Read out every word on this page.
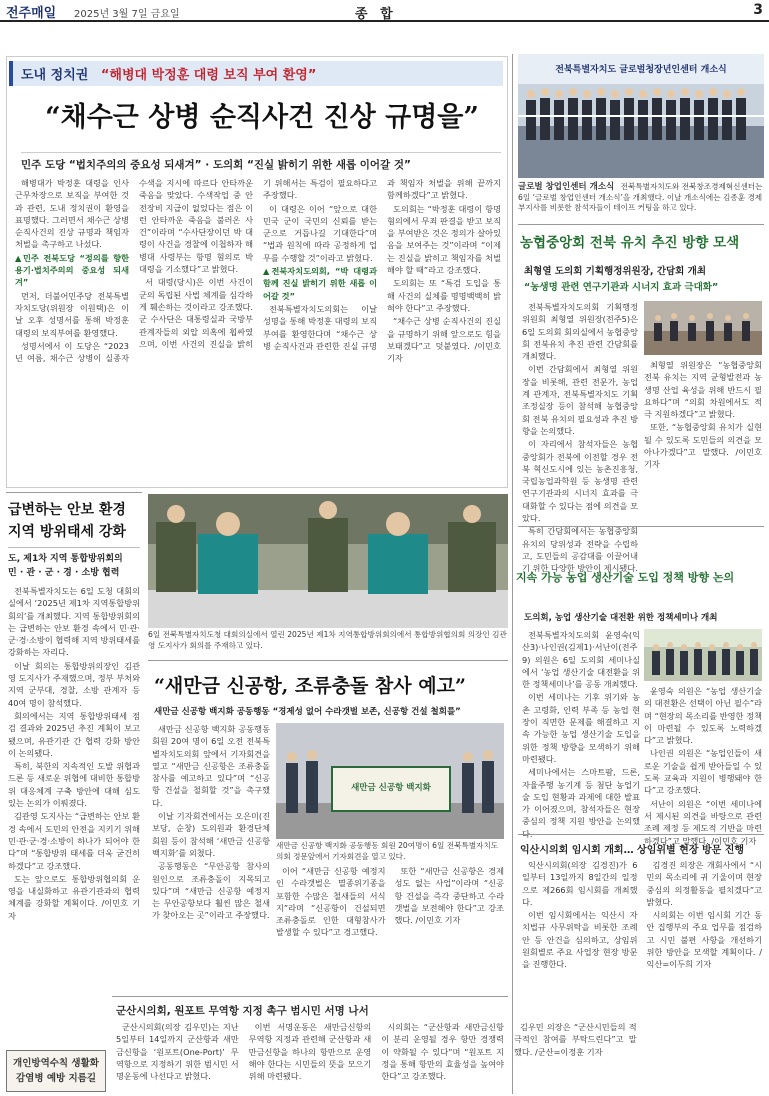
전주매일 2025년 3월 7일 금요일	종 합	3
도내 정치권 “해병대 박정훈 대령 보직 부여 환영”
“채수근 상병 순직사건 진상 규명을”
민주 도당 “법치주의의 중요성 되새겨” · 도의회 “진실 밝히기 위한 새롭 이어갈 것”

해병대가 박정훈 대령을 인사근무차장으로 보직을 부여한 것과 관련, 도내 정치권이 환영을 표명했다. 그러면서 채수근 상병 순직사건의 진상 규명과 책임자 처벌을 촉구하고 나섰다.

▲민주 전북도당 “정의를 향한 용기·법치주의의 중요성 되새겨”

먼저, 더불어민주당 전북특별자치도당(위원장 이원택)은 이날 오후 성명서를 통해 박정훈 대령의 보직부여를 환영했다.

성명서에서 이 도당은 “2023년 여름, 채수근 상병이 실종자 수색을 지시에 따르다 안타까운 죽음을 맞았다. 수색작업 중 안전장비 지급이 없었다는 점은 이런 안타까운 죽음을 불러온 사건”이라며 “수사단장이던 박 대령이 사건을 경찰에 이첩하자 해병대 사령부는 항명 혐의로 박 대령을 기소했다”고 밝혔다.

서 대령(당시)은 이번 사건이 군의 독립된 사법 체계를 심각하게 훼손하는 것이라고 강조했다. 군 수사단은 대통령실과 국방부 관계자들의 외압 의혹에 휩싸였으며, 이번 사건의 진실을 밝히기 위해서는 특검이 필요하다고 주장했다.

이 대령은 이어 “앞으로 대한민국 군이 국민의 신뢰를 받는 군으로 거듭나길 기대한다”며 “법과 원칙에 따라 공정하게 업무를 수행할 것”이라고 밝혔다.

▲전북자치도의회, “박 대령과 함께 진실 밝히기 위한 새롭 이어갈 것”

전북특별자치도의회는 이날 성명을 통해 박정훈 대령의 보직 부여를 환영한다며 “채수근 상병 순직사건과 관련한 진실 규명과 책임자 처벌을 위해 끝까지 함께하겠다”고 밝혔다.

도의회는 “박정훈 대령이 항명 혐의에서 무죄 판결을 받고 보직을 부여받은 것은 정의가 살아있음을 보여주는 것”이라며 “이제는 진실을 밝히고 책임자를 처벌해야 할 때”라고 강조했다.

도의회는 또 “특검 도입을 통해 사건의 실체를 명명백백히 밝혀야 한다”고 주장했다.

“채수근 상병 순직사건의 진실을 규명하기 위해 앞으로도 힘을 보태겠다”고 덧붙였다. /이민호 기자

전북특별자치도 글로벌청장년인센터 개소식
글로벌 창업인센터 개소식 전북특별자치도와 전북창조경제혁신센터는 6일 ‘글로벌 창업인센터 개소식’을 개최했다. 이날 개소식에는 김종훈 경제부지사를 비롯한 참석자들이 테이프 커팅을 하고 있다.
농협중앙회 전북 유치 추진 방향 모색
최형열 도의회 기획행정위원장, 간담회 개최
“농생명 관련 연구기관과 시너지 효과 극대화”

전북특별자치도의회 기획행정위원회 최형열 위원장(전주5)은 6일 도의회 회의실에서 농협중앙회 전북유치 추진 관련 간담회를 개최했다.

이번 간담회에서 최형열 위원장을 비롯해, 관련 전문가, 농업계 관계자, 전북특별자치도 기획조정실장 등이 참석해 농협중앙회 전북 유치의 필요성과 추진 방향을 논의했다.

이 자리에서 참석자들은 농협중앙회가 전북에 이전할 경우 전북 혁신도시에 있는 농촌진흥청, 국립농업과학원 등 농생명 관련 연구기관과의 시너지 효과를 극대화할 수 있다는 점에 의견을 모았다.

특히 간담회에서는 농협중앙회 유치의 당위성과 전략을 수립하고, 도민들의 공감대를 이끌어내기 위한 다양한 방안이 제시됐다.

최형열 위원장은 “농협중앙회 전북 유치는 지역 균형발전과 농생명 산업 육성을 위해 반드시 필요하다”며 “의회 차원에서도 적극 지원하겠다”고 밝혔다.

또한, “농협중앙회 유치가 실현될 수 있도록 도민들의 의견을 모아나가겠다”고 말했다. /이민호 기자

급변하는 안보 환경
지역 방위태세 강화
도, 제1차 지역 통합방위회의
민 · 관 · 군 · 경 · 소방 협력

전북특별자치도는 6일 도청 대회의실에서 ‘2025년 제1차 지역통합방위회의’를 개최했다. 지역 통합방위회의는 급변하는 안보 환경 속에서 민·관·군·경·소방이 협력해 지역 방위태세를 강화하는 자리다.

이날 회의는 통합방위의장인 김관영 도지사가 주재했으며, 정부 부처와 지역 군부대, 경찰, 소방 관계자 등 40여 명이 참석했다.

회의에서는 지역 통합방위태세 점검 결과와 2025년 추진 계획이 보고됐으며, 유관기관 간 협력 강화 방안이 논의됐다.

특히, 북한의 지속적인 도발 위협과 드론 등 새로운 위협에 대비한 통합방위 대응체계 구축 방안에 대해 심도 있는 논의가 이뤄졌다.

김관영 도지사는 “급변하는 안보 환경 속에서 도민의 안전을 지키기 위해 민·관·군·경·소방이 하나가 되어야 한다”며 “통합방위 태세를 더욱 굳건히 하겠다”고 강조했다.

도는 앞으로도 통합방위협의회 운영을 내실화하고 유관기관과의 협력체계를 강화할 계획이다. /이민호 기자

6일 전북특별자치도청 대회의실에서 열린 2025년 제1차 지역통합방위회의에서 통합방위협의회 의장인 김관영 도지사가 회의를 주재하고 있다.
개인방역수칙 생활화
감염병 예방 지름길
“새만금 신공항, 조류충돌 참사 예고”
새만금 신공항 백지화 공동행동 “경제성 없어 수라갯벌 보존, 신공항 건설 철회를”

새만금 신공항 백지화 공동행동 회원 20여 명이 6일 오전 전북특별자치도의회 앞에서 기자회견을 열고 “새만금 신공항은 조류충돌 참사를 예고하고 있다”며 “신공항 건설을 철회할 것”을 촉구했다.

이날 기자회견에서는 오은미(진보당, 순창) 도의원과 환경단체 회원 등이 참석해 ‘새만금 신공항 백지화’를 외쳤다.

공동행동은 “무안공항 참사의 원인으로 조류충돌이 지목되고 있다”며 “새만금 신공항 예정지는 무안공항보다 훨씬 많은 철새가 찾아오는 곳”이라고 주장했다.

새만금 신공항 백지화
새만금 신공항 백지화 공동행동 회원 20여명이 6일 전북특별자치도의회 정문앞에서 기자회견을 열고 있다.

이어 “새만금 신공항 예정지인 수라갯벌은 멸종위기종을 포함한 수많은 철새들의 서식지”라며 “신공항이 건설되면 조류충돌로 인한 대형참사가 발생할 수 있다”고 경고했다.

또한 “새만금 신공항은 경제성도 없는 사업”이라며 “신공항 건설을 즉각 중단하고 수라갯벌을 보전해야 한다”고 강조했다. /이민호 기자

지속 가능 농업 생산기술 도입 정책 방향 논의
도의회, 농업 생산기술 대전환 위한 정책세미나 개최

전북특별자치도의회 윤영숙(익산3)·나인권(김제1)·서난이(전주9) 의원은 6일 도의회 세미나실에서 ‘농업 생산기술 대전환을 위한 정책세미나’를 공동 개최했다.

이번 세미나는 기후 위기와 농촌 고령화, 인력 부족 등 농업 현장이 직면한 문제를 해결하고 지속 가능한 농업 생산기술 도입을 위한 정책 방향을 모색하기 위해 마련됐다.

세미나에서는 스마트팜, 드론, 자율주행 농기계 등 첨단 농업기술 도입 현황과 과제에 대한 발표가 이어졌으며, 참석자들은 현장 중심의 정책 지원 방안을 논의했다.

윤영숙 의원은 “농업 생산기술의 대전환은 선택이 아닌 필수”라며 “현장의 목소리를 반영한 정책이 마련될 수 있도록 노력하겠다”고 밝혔다.

나인권 의원은 “농업인들이 새로운 기술을 쉽게 받아들일 수 있도록 교육과 지원이 병행돼야 한다”고 강조했다.

서난이 의원은 “이번 세미나에서 제시된 의견을 바탕으로 관련 조례 제정 등 제도적 기반을 마련하겠다”고 말했다. /이민호 기자

군산시의회, 원포트 무역항 지정 촉구 범시민 서명 나서

군산시의회(의장 김우민)는 지난 5일부터 14일까지 군산항과 새만금신항을 ‘원포트(One-Port)’ 무역항으로 지정하기 위한 범시민 서명운동에 나선다고 밝혔다.

이번 서명운동은 새만금신항의 무역항 지정과 관련해 군산항과 새만금신항을 하나의 항만으로 운영해야 한다는 시민들의 뜻을 모으기 위해 마련됐다.

시의회는 “군산항과 새만금신항이 분리 운영될 경우 항만 경쟁력이 약화될 수 있다”며 “원포트 지정을 통해 항만의 효율성을 높여야 한다”고 강조했다.

김우민 의장은 “군산시민들의 적극적인 참여를 부탁드린다”고 말했다. /군산=이정훈 기자

익산시의회 임시회 개회… 상임위별 현장 방문 진행

익산시의회(의장 김경진)가 6일부터 13일까지 8일간의 일정으로 제266회 임시회를 개최했다.

이번 임시회에서는 익산시 자치법규 사무위탁을 비롯한 조례안 등 안건을 심의하고, 상임위원회별로 주요 사업장 현장 방문을 진행한다.

김경진 의장은 개회사에서 “시민의 목소리에 귀 기울이며 현장 중심의 의정활동을 펼치겠다”고 밝혔다.

시의회는 이번 임시회 기간 동안 집행부의 주요 업무를 점검하고 시민 불편 사항을 개선하기 위한 방안을 모색할 계획이다. /익산=이두희 기자
